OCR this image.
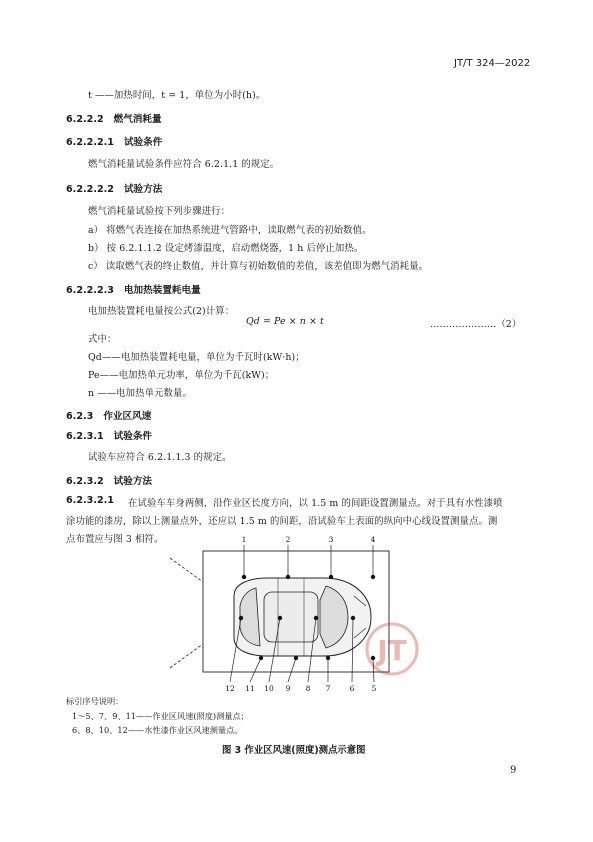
JT/T 324—2022
t ——加热时间，t = 1，单位为小时(h)。
6.2.2.2 燃气消耗量
6.2.2.2.1 试验条件
燃气消耗量试验条件应符合 6.2.1.1 的规定。
6.2.2.2.2 试验方法
燃气消耗量试验按下列步骤进行：
a） 将燃气表连接在加热系统进气管路中，读取燃气表的初始数值。
b） 按 6.2.1.1.2 设定烤漆温度，启动燃烧器，1 h 后停止加热。
c） 读取燃气表的终止数值，并计算与初始数值的差值，该差值即为燃气消耗量。
6.2.2.2.3 电加热装置耗电量
电加热装置耗电量按公式(2)计算：
Qd = Pe × n × t	…………………（2）
式中：
Qd——电加热装置耗电量，单位为千瓦时(kW·h)；
Pe——电加热单元功率，单位为千瓦(kW)；
n ——电加热单元数量。
6.2.3 作业区风速
6.2.3.1 试验条件
试验车应符合 6.2.1.1.3 的规定。
6.2.3.2 试验方法
6.2.3.2.1 在试验车车身两侧，沿作业区长度方向，以 1.5 m 的间距设置测量点。对于具有水性漆喷
涂功能的漆房，除以上测量点外，还应以 1.5 m 的间距，沿试验车上表面的纵向中心线设置测量点。测
点布置应与图 3 相符。
JT
1	2	3	4
12 11 10 9 8 7	6 5
标引序号说明：
1～5、7、9、11——作业区风速(照度)测量点；
6、8、10、12——水性漆作业区风速测量点。
图 3 作业区风速(照度)测点示意图
9
